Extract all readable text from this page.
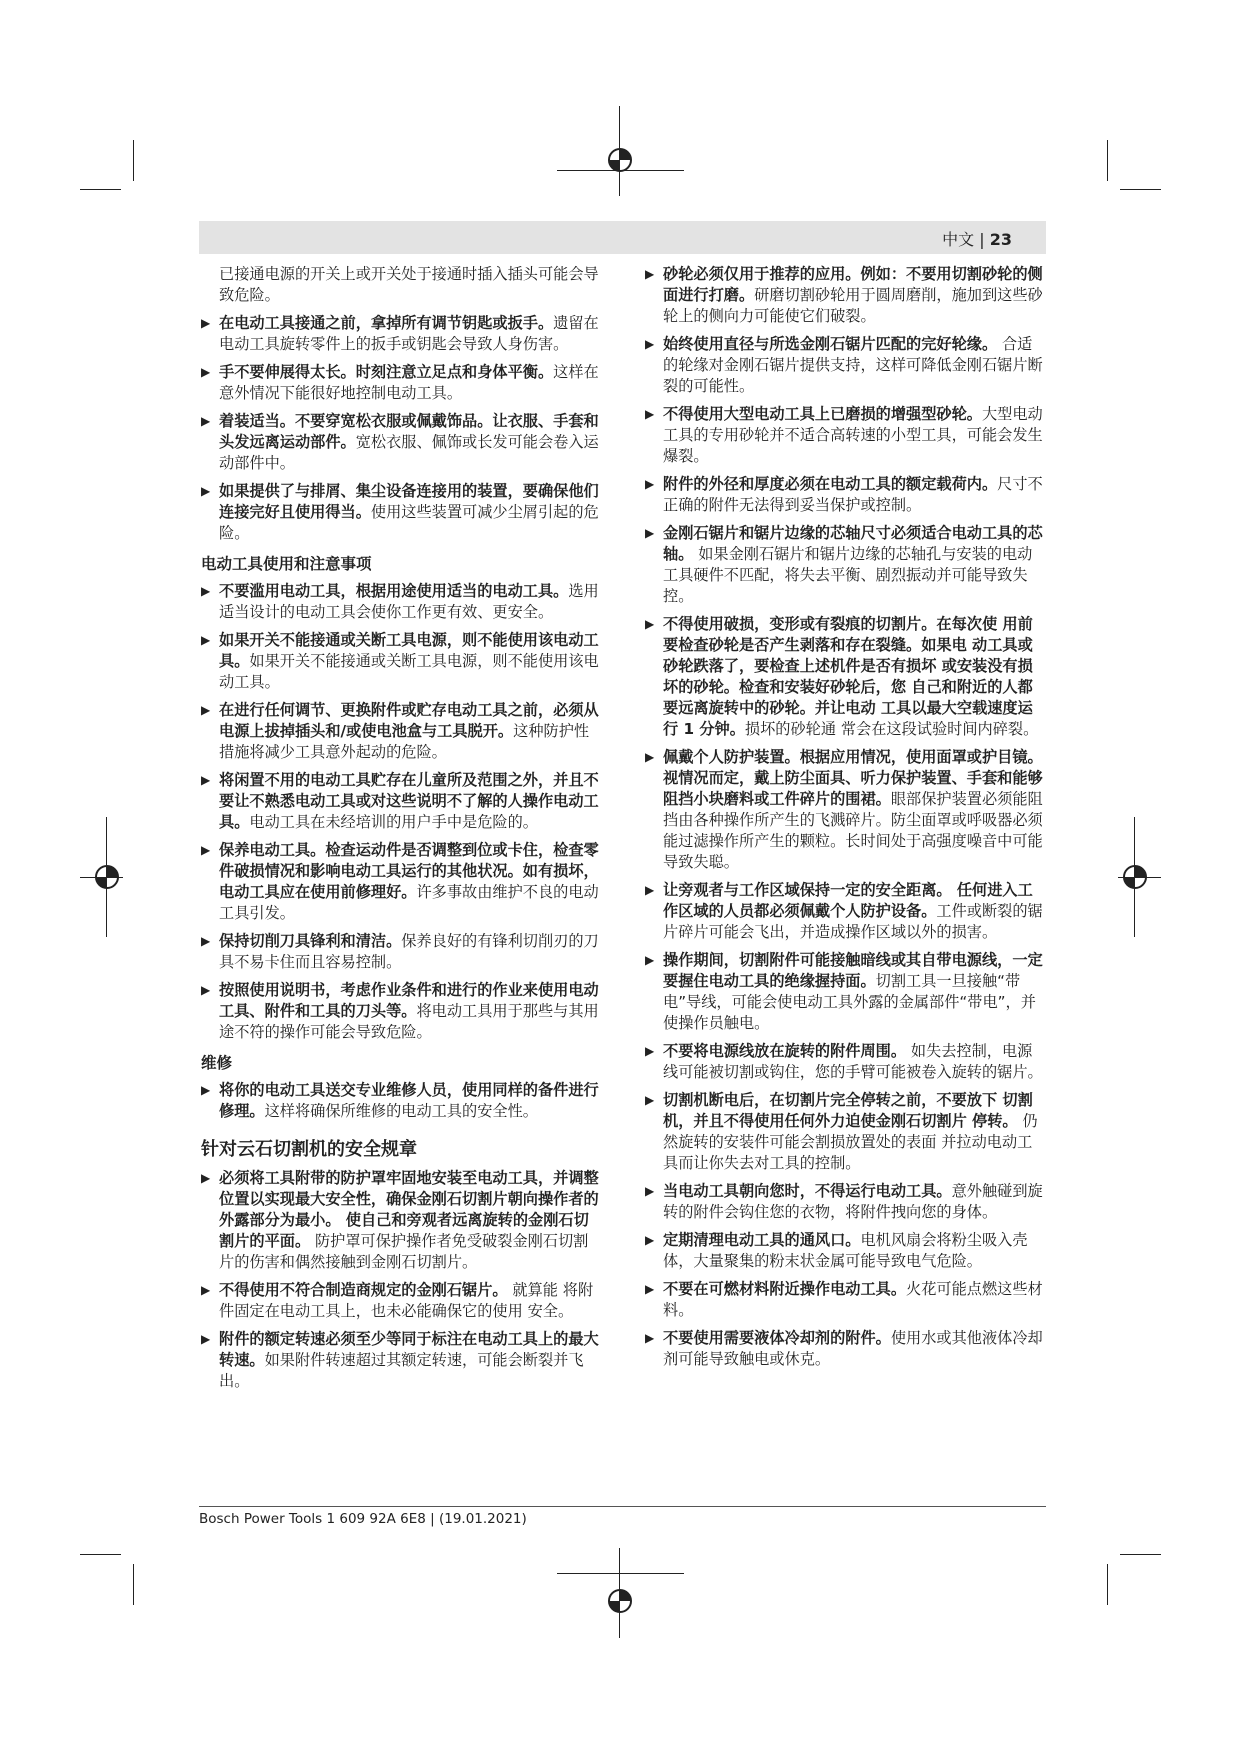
中文 | 23

已接通电源的开关上或开关处于接通时插入插头可能会导致危险。

▶ 在电动工具接通之前，拿掉所有调节钥匙或扳手。遗留在电动工具旋转零件上的扳手或钥匙会导致人身伤害。

▶ 手不要伸展得太长。时刻注意立足点和身体平衡。这样在意外情况下能很好地控制电动工具。

▶ 着装适当。不要穿宽松衣服或佩戴饰品。让衣服、手套和头发远离运动部件。宽松衣服、佩饰或长发可能会卷入运动部件中。

▶ 如果提供了与排屑、集尘设备连接用的装置，要确保他们连接完好且使用得当。使用这些装置可减少尘屑引起的危险。

电动工具使用和注意事项

▶ 不要滥用电动工具，根据用途使用适当的电动工具。选用适当设计的电动工具会使你工作更有效、更安全。

▶ 如果开关不能接通或关断工具电源，则不能使用该电动工具。如果开关不能接通或关断工具电源，则不能使用该电动工具。

▶ 在进行任何调节、更换附件或贮存电动工具之前，必须从电源上拔掉插头和/或使电池盒与工具脱开。这种防护性措施将减少工具意外起动的危险。

▶ 将闲置不用的电动工具贮存在儿童所及范围之外，并且不要让不熟悉电动工具或对这些说明不了解的人操作电动工具。电动工具在未经培训的用户手中是危险的。

▶ 保养电动工具。检查运动件是否调整到位或卡住，检查零件破损情况和影响电动工具运行的其他状况。如有损坏，电动工具应在使用前修理好。许多事故由维护不良的电动工具引发。

▶ 保持切削刀具锋利和清洁。保养良好的有锋利切削刃的刀具不易卡住而且容易控制。

▶ 按照使用说明书，考虑作业条件和进行的作业来使用电动工具、附件和工具的刀头等。将电动工具用于那些与其用途不符的操作可能会导致危险。

维修

▶ 将你的电动工具送交专业维修人员，使用同样的备件进行修理。这样将确保所维修的电动工具的安全性。

针对云石切割机的安全规章

▶ 必须将工具附带的防护罩牢固地安装至电动工具，并调整位置以实现最大安全性，确保金刚石切割片朝向操作者的外露部分为最小。 使自己和旁观者远离旋转的金刚石切割片的平面。 防护罩可保护操作者免受破裂金刚石切割片的伤害和偶然接触到金刚石切割片。

▶ 不得使用不符合制造商规定的金刚石锯片。 就算能 将附件固定在电动工具上，也未必能确保它的使用 安全。

▶ 附件的额定转速必须至少等同于标注在电动工具上的最大转速。如果附件转速超过其额定转速，可能会断裂并飞出。

▶ 砂轮必须仅用于推荐的应用。例如：不要用切割砂轮的侧面进行打磨。研磨切割砂轮用于圆周磨削，施加到这些砂轮上的侧向力可能使它们破裂。

▶ 始终使用直径与所选金刚石锯片匹配的完好轮缘。 合适的轮缘对金刚石锯片提供支持，这样可降低金刚石锯片断裂的可能性。

▶ 不得使用大型电动工具上已磨损的增强型砂轮。大型电动工具的专用砂轮并不适合高转速的小型工具，可能会发生爆裂。

▶ 附件的外径和厚度必须在电动工具的额定载荷内。尺寸不正确的附件无法得到妥当保护或控制。

▶ 金刚石锯片和锯片边缘的芯轴尺寸必须适合电动工具的芯轴。 如果金刚石锯片和锯片边缘的芯轴孔与安装的电动工具硬件不匹配，将失去平衡、剧烈振动并可能导致失控。

▶ 不得使用破损，变形或有裂痕的切割片。在每次使 用前要检查砂轮是否产生剥落和存在裂缝。如果电 动工具或砂轮跌落了，要检查上述机件是否有损坏 或安装没有损坏的砂轮。检查和安装好砂轮后，您 自己和附近的人都要远离旋转中的砂轮。并让电动 工具以最大空载速度运行 1 分钟。损坏的砂轮通 常会在这段试验时间内碎裂。

▶ 佩戴个人防护装置。根据应用情况，使用面罩或护目镜。视情况而定，戴上防尘面具、听力保护装置、手套和能够阻挡小块磨料或工件碎片的围裙。眼部保护装置必须能阻挡由各种操作所产生的飞溅碎片。防尘面罩或呼吸器必须能过滤操作所产生的颗粒。长时间处于高强度噪音中可能导致失聪。

▶ 让旁观者与工作区域保持一定的安全距离。 任何进入工作区域的人员都必须佩戴个人防护设备。工件或断裂的锯片碎片可能会飞出，并造成操作区域以外的损害。

▶ 操作期间，切割附件可能接触暗线或其自带电源线，一定要握住电动工具的绝缘握持面。切割工具一旦接触“带电”导线，可能会使电动工具外露的金属部件“带电”，并使操作员触电。

▶ 不要将电源线放在旋转的附件周围。 如失去控制，电源线可能被切割或钩住，您的手臂可能被卷入旋转的锯片。

▶ 切割机断电后，在切割片完全停转之前，不要放下 切割机，并且不得使用任何外力迫使金刚石切割片 停转。 仍然旋转的安装件可能会割损放置处的表面 并拉动电动工具而让你失去对工具的控制。

▶ 当电动工具朝向您时，不得运行电动工具。意外触碰到旋转的附件会钩住您的衣物，将附件拽向您的身体。

▶ 定期清理电动工具的通风口。电机风扇会将粉尘吸入壳体，大量聚集的粉末状金属可能导致电气危险。

▶ 不要在可燃材料附近操作电动工具。火花可能点燃这些材料。

▶ 不要使用需要液体冷却剂的附件。使用水或其他液体冷却剂可能导致触电或休克。

Bosch Power Tools 1 609 92A 6E8 | (19.01.2021)
